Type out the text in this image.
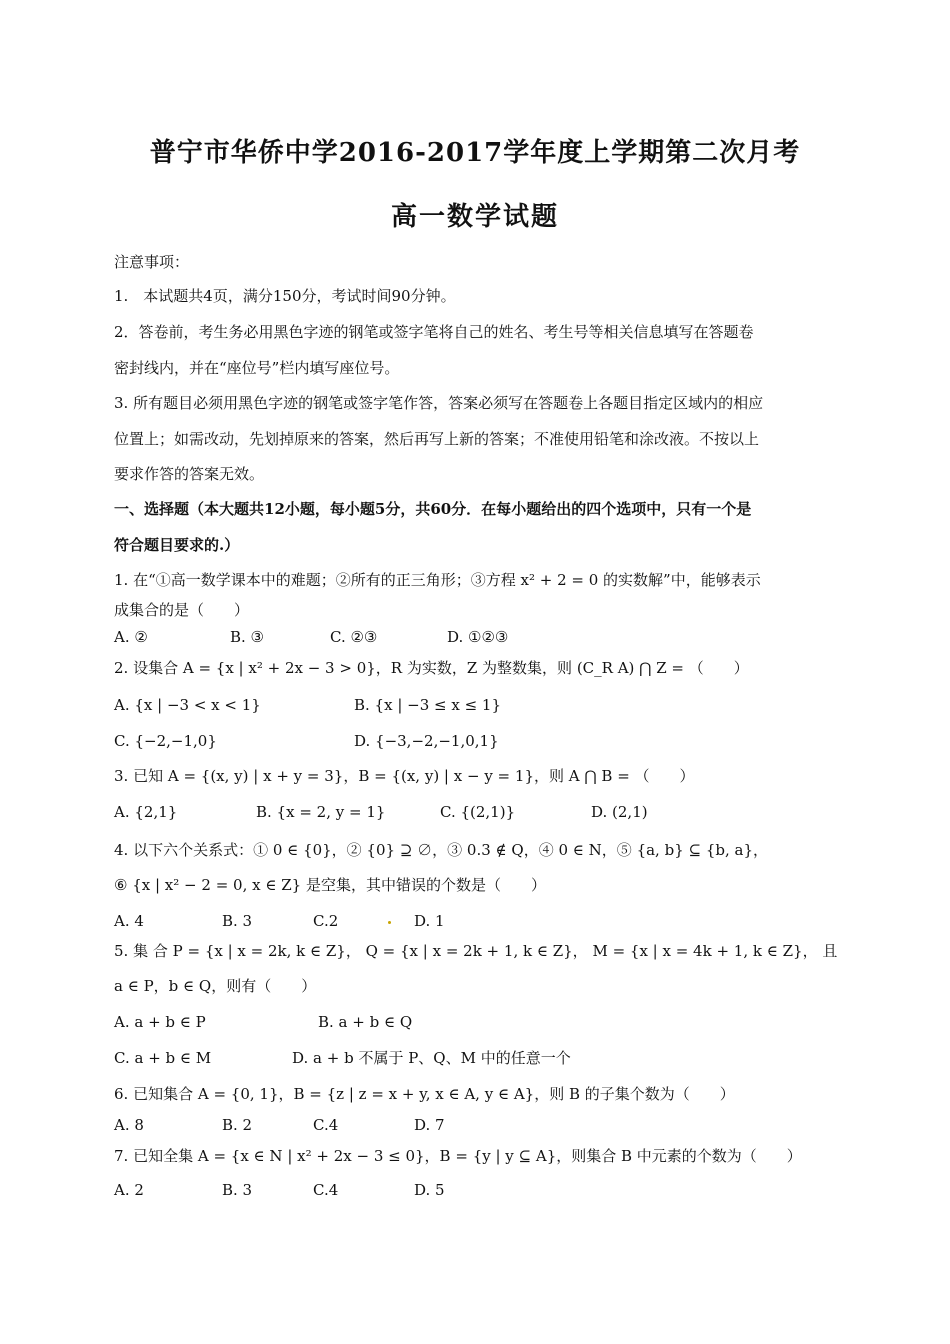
普宁市华侨中学2016-2017学年度上学期第二次月考
高一数学试题
注意事项：
1.　本试题共4页，满分150分，考试时间90分钟。
2．答卷前，考生务必用黑色字迹的钢笔或签字笔将自己的姓名、考生号等相关信息填写在答题卷
密封线内，并在“座位号”栏内填写座位号。
3. 所有题目必须用黑色字迹的钢笔或签字笔作答，答案必须写在答题卷上各题目指定区域内的相应
位置上；如需改动，先划掉原来的答案，然后再写上新的答案；不准使用铅笔和涂改液。不按以上
要求作答的答案无效。
一、选择题（本大题共12小题，每小题5分，共60分．在每小题给出的四个选项中，只有一个是
符合题目要求的.）
1. 在“①高一数学课本中的难题；②所有的正三角形；③方程 x² + 2 = 0 的实数解”中，能够表示
成集合的是（　　）
A. ②	B. ③	C. ②③	D. ①②③
2. 设集合 A = {x | x² + 2x − 3 > 0}，R 为实数，Z 为整数集，则 (C_R A) ⋂ Z = （　　）
A. {x | −3 < x < 1}	B. {x | −3 ≤ x ≤ 1}
C. {−2,−1,0}	D. {−3,−2,−1,0,1}
3. 已知 A = {(x, y) | x + y = 3}，B = {(x, y) | x − y = 1}，则 A ⋂ B = （　　）
A. {2,1}	B. {x = 2, y = 1}	C. {(2,1)}	D. (2,1)
4. 以下六个关系式：① 0 ∈ {0}，② {0} ⊇ ∅，③ 0.3 ∉ Q，④ 0 ∈ N，⑤ {a, b} ⊆ {b, a}，
⑥ {x | x² − 2 = 0, x ∈ Z} 是空集，其中错误的个数是（　　）
A. 4	B. 3	C.2	D. 1
5. 集 合 P = {x | x = 2k, k ∈ Z}， Q = {x | x = 2k + 1, k ∈ Z}， M = {x | x = 4k + 1, k ∈ Z}， 且
a ∈ P，b ∈ Q，则有（　　）
A. a + b ∈ P	B. a + b ∈ Q
C. a + b ∈ M	D. a + b 不属于 P、Q、M 中的任意一个
6. 已知集合 A = {0, 1}，B = {z | z = x + y, x ∈ A, y ∈ A}，则 B 的子集个数为（　　）
A. 8	B. 2	C.4	D. 7
7. 已知全集 A = {x ∈ N | x² + 2x − 3 ≤ 0}，B = {y | y ⊆ A}，则集合 B 中元素的个数为（　　）
A. 2	B. 3	C.4	D. 5
